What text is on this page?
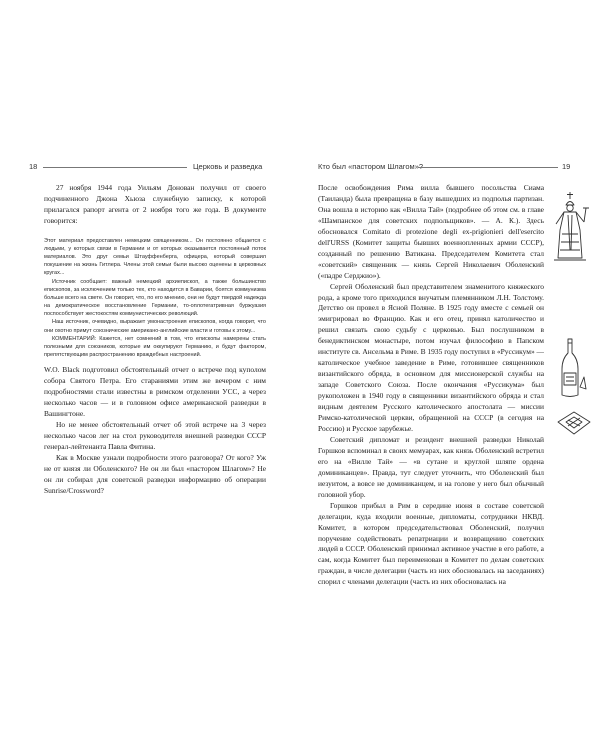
18	Церковь и разведка

27 ноября 1944 года Уильям Донован получил от своего подчиненного Джона Хьюза служебную записку, к которой прилагался рапорт агента от 2 ноября того же года. В документе говорится:

Этот материал предоставлен немецким священником... Он постоянно общается с людьми, у которых связи в Германии и от которых оказывается постоянный поток материалов. Это друг семьи Штауффенберга, офицера, который совершил покушение на жизнь Гитлера. Члены этой семьи были высоко оценены в церковных кругах...

Источник сообщает: важный немецкий архиепископ, а также большинство епископов, за исключением только тех, кто находится в Баварии, боятся коммунизма больше всего на свете. Он говорит, что, по его мнению, они не будут твердой надежда на демократическое восстановление Германии, то-оплотегатривная буржуазия поспособствует жестокостям коммунистических революций.

Наш источник, очевидно, выражает умонастроения епископов, когда говорит, что они охотно примут союзнические американо-английские власти и готовы к этому...

КОММЕНТАРИЙ: Кажется, нет сомнений в том, что епископы намерены стать полезными для союзников, которые им оккупируют Германию, и будут фактором, препятствующим распространению враждебных настроений.

W.O. Black подготовил обстоятельный отчет о встрече под куполом собора Святого Петра. Его стараниями этим же вечером с ним подробностями стали известны в римском отделении УСС, а через несколько часов — и в головном офисе американской разведки в Вашингтоне.

Но не менее обстоятельный отчет об этой встрече на 3 через несколько часов лег на стол руководителя внешней разведки СССР генерал-лейтенанта Павла Фитина.

Как в Москве узнали подробности этого разговора? От кого? Уж не от князя ли Оболенского? Не он ли был «пастором Шлагом»? Не он ли собирал для советской разведки информацию об операции Sunrise/Crossword?

Кто был «пастором Шлагом»?	19

После освобождения Рима вилла бывшего посольства Сиама (Таиланда) была превращена в базу вышедших из подполья партизан. Она вошла в историю как «Вилла Тай» (подробнее об этом см. в главе «Шампанское для советских подпольщиков». — А. К.). Здесь обосновался Comitato di protezione degli ex-prigionieri dell'esercito dell'URSS (Комитет защиты бывших военнопленных армии СССР), созданный по решению Ватикана. Председателем Комитета стал «советский» священник — князь Сергей Николаевич Оболенский («падре Серджио»).

Сергей Оболенский был представителем знаменитого княжеского рода, а кроме того приходился внучатым племянником Л.Н. Толстому. Детство он провел в Ясной Поляне. В 1925 году вместе с семьей он эмигрировал во Францию. Как и его отец, принял католичество и решил связать свою судьбу с церковью. Был послушником в бенедиктинском монастыре, потом изучал философию в Папском институте св. Ансельма в Риме. В 1935 году поступил в «Руссикум» — католическое учебное заведение в Риме, готовившее священников византийского обряда, в основном для миссионерской службы на западе Советского Союза. После окончания «Руссикума» был рукоположен в 1940 году в священники византийского обряда и стал видным деятелем Русского католического апостолата — миссии Римско-католической церкви, обращенной на СССР (в сегодня на Россию) и Русское зарубежье.

Советский дипломат и резидент внешней разведки Николай Горшков вспоминал в своих мемуарах, как князь Оболенский встретил его на «Вилле Тай» — «в сутане и круглой шляпе ордена доминиканцев». Правда, тут следует уточнить, что Оболенский был иезуитом, а вовсе не доминиканцем, и на голове у него был обычный головной убор.

Горшков прибыл в Рим в середине июня в составе советской делегации, куда входили военные, дипломаты, сотрудники НКВД. Комитет, в котором председательствовал Оболенский, получил поручение содействовать репатриации и возвращению советских людей в СССР. Оболенский принимал активное участие в его работе, а сам, когда Комитет был переименован в Комитет по делам советских граждан, в числе делегации (часть из них обосновалась на заседаниях) спорил с членами делегации (часть из них обосновалась на
